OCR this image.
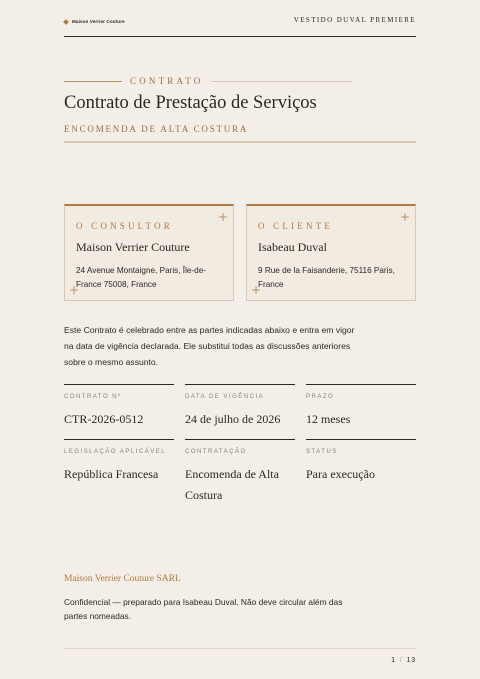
Maison Verrier Couture	VESTIDO DUVAL PREMIERE
CONTRATO
Contrato de Prestação de Serviços
ENCOMENDA DE ALTA COSTURA
+
O CONSULTOR
Maison Verrier Couture
24 Avenue Montaigne, Paris, Île-de-France 75008, France
+
+
O CLIENTE
Isabeau Duval
9 Rue de la Faisanderie, 75116 Paris, France
+
Este Contrato é celebrado entre as partes indicadas abaixo e entra em vigor na data de vigência declarada. Ele substitui todas as discussões anteriores sobre o mesmo assunto.
CONTRATO Nº
CTR-2026-0512
DATA DE VIGÊNCIA
24 de julho de 2026
PRAZO
12 meses
LEGISLAÇÃO APLICÁVEL
República Francesa
CONTRATAÇÃO
Encomenda de Alta Costura
STATUS
Para execução
Maison Verrier Couture SARL
Confidencial — preparado para Isabeau Duval. Não deve circular além das partes nomeadas.
1 / 13
